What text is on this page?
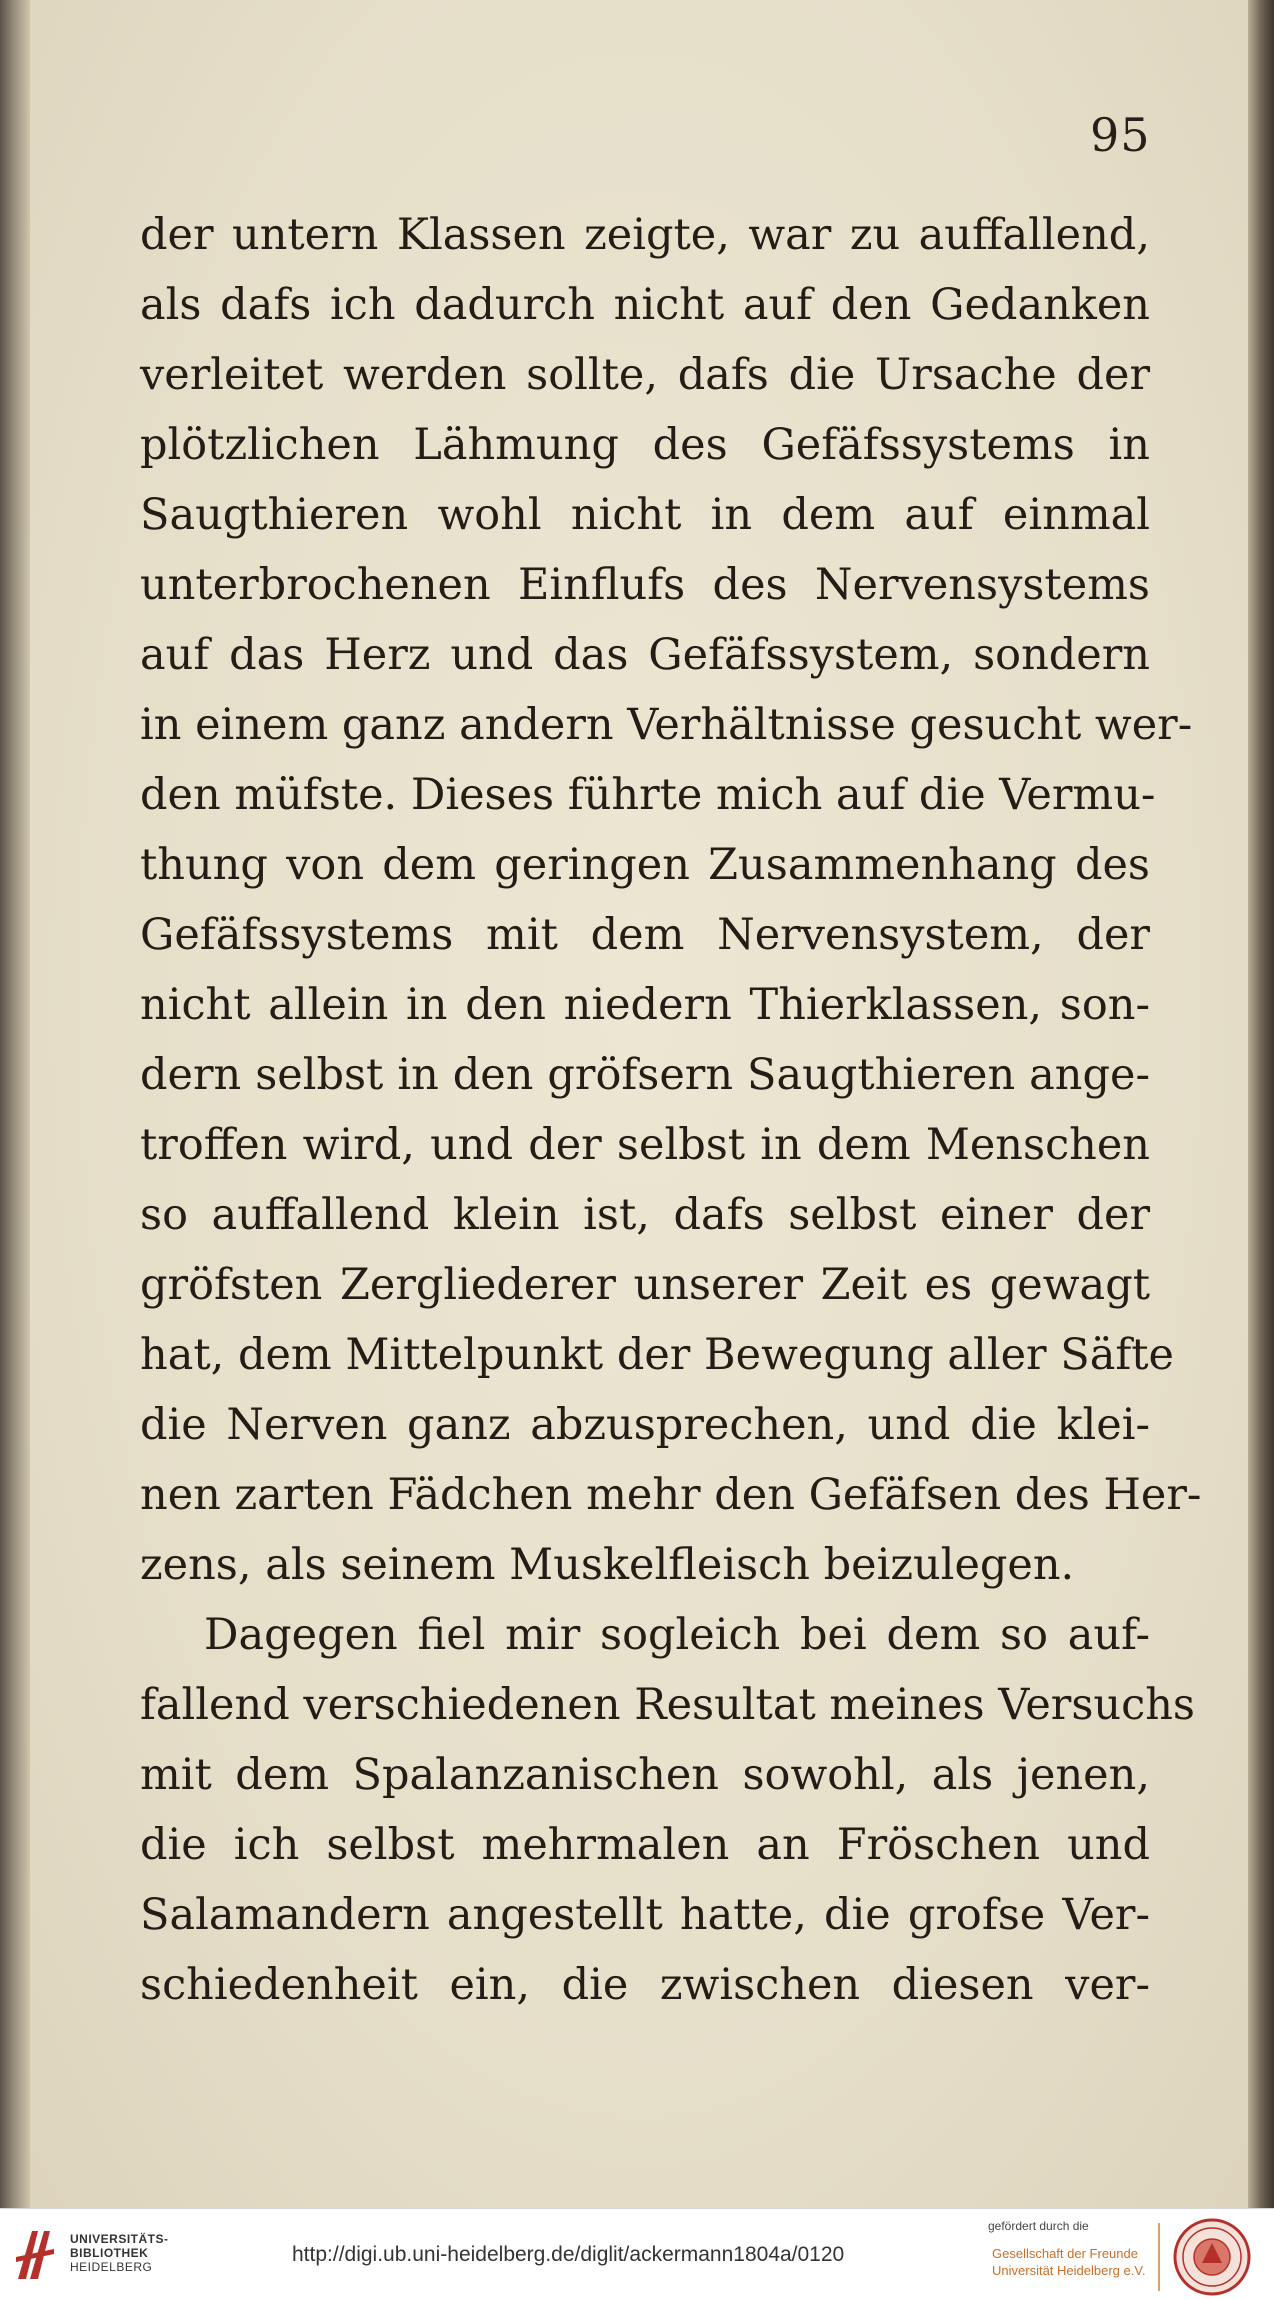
95
der untern Klassen zeigte, war zu auffallend,
als dafs ich dadurch nicht auf den Gedanken
verleitet werden sollte, dafs die Ursache der
plötzlichen Lähmung des Gefäfssystems in
Saugthieren wohl nicht in dem auf einmal
unterbrochenen Einflufs des Nervensystems
auf das Herz und das Gefäfssystem, sondern
in einem ganz andern Verhältnisse gesucht wer-
den müfste. Dieses führte mich auf die Vermu-
thung von dem geringen Zusammenhang des
Gefäfssystems mit dem Nervensystem, der
nicht allein in den niedern Thierklassen, son-
dern selbst in den gröfsern Saugthieren ange-
troffen wird, und der selbst in dem Menschen
so auffallend klein ist, dafs selbst einer der
gröfsten Zergliederer unserer Zeit es gewagt
hat, dem Mittelpunkt der Bewegung aller Säfte
die Nerven ganz abzusprechen, und die klei-
nen zarten Fädchen mehr den Gefäfsen des Her-
zens, als seinem Muskelfleisch beizulegen.
Dagegen fiel mir sogleich bei dem so auf-
fallend verschiedenen Resultat meines Versuchs
mit dem Spalanzanischen sowohl, als jenen,
die ich selbst mehrmalen an Fröschen und
Salamandern angestellt hatte, die grofse Ver-
schiedenheit ein, die zwischen diesen ver-
UNIVERSITÄTS-
BIBLIOTHEK
HEIDELBERG
http://digi.ub.uni-heidelberg.de/diglit/ackermann1804a/0120
gefördert durch die
Gesellschaft der Freunde
Universität Heidelberg e.V.
